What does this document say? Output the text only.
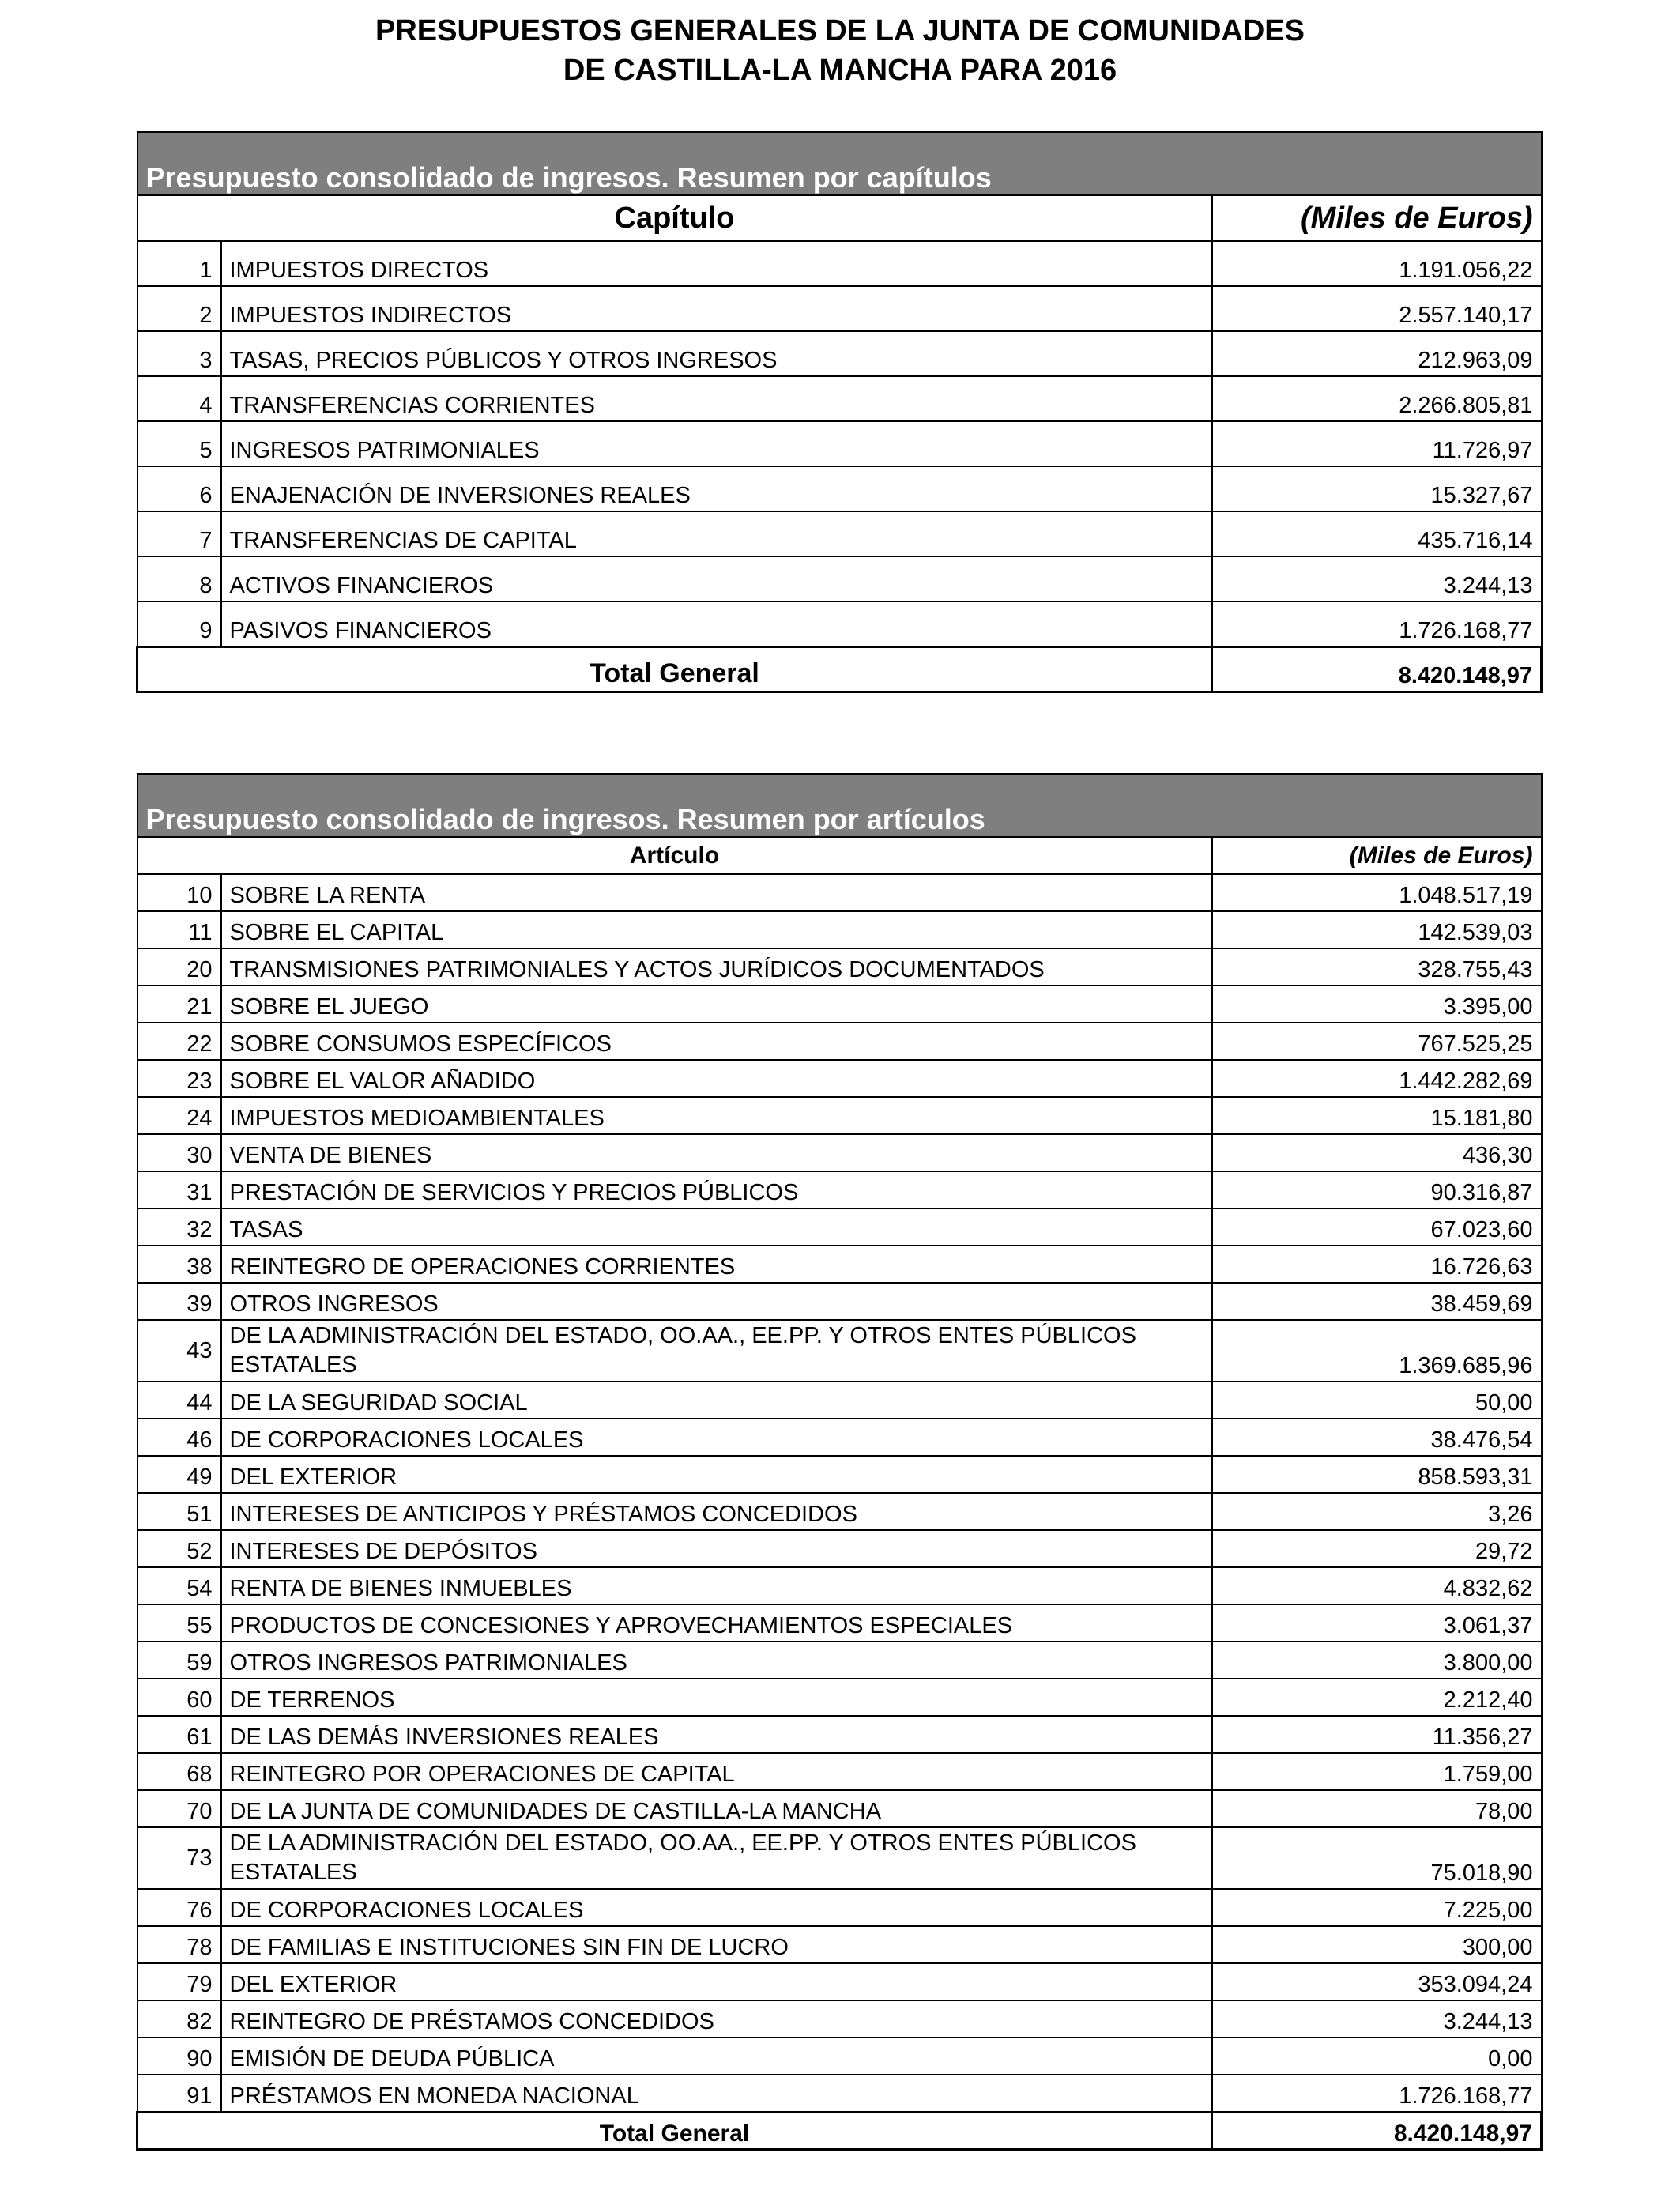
PRESUPUESTOS GENERALES DE LA JUNTA DE COMUNIDADES
DE CASTILLA-LA MANCHA PARA 2016
Presupuesto consolidado de ingresos. Resumen por capítulos		
Capítulo		(Miles de Euros)
1	IMPUESTOS DIRECTOS	1.191.056,22
2	IMPUESTOS INDIRECTOS	2.557.140,17
3	TASAS, PRECIOS PÚBLICOS Y OTROS INGRESOS	212.963,09
4	TRANSFERENCIAS CORRIENTES	2.266.805,81
5	INGRESOS PATRIMONIALES	11.726,97
6	ENAJENACIÓN DE INVERSIONES REALES	15.327,67
7	TRANSFERENCIAS DE CAPITAL	435.716,14
8	ACTIVOS FINANCIEROS	3.244,13
9	PASIVOS FINANCIEROS	1.726.168,77
Total General		8.420.148,97
Presupuesto consolidado de ingresos. Resumen por artículos		
Artículo		(Miles de Euros)
10	SOBRE LA RENTA	1.048.517,19
11	SOBRE EL CAPITAL	142.539,03
20	TRANSMISIONES PATRIMONIALES Y ACTOS JURÍDICOS DOCUMENTADOS	328.755,43
21	SOBRE EL JUEGO	3.395,00
22	SOBRE CONSUMOS ESPECÍFICOS	767.525,25
23	SOBRE EL VALOR AÑADIDO	1.442.282,69
24	IMPUESTOS MEDIOAMBIENTALES	15.181,80
30	VENTA DE BIENES	436,30
31	PRESTACIÓN DE SERVICIOS Y PRECIOS PÚBLICOS	90.316,87
32	TASAS	67.023,60
38	REINTEGRO DE OPERACIONES CORRIENTES	16.726,63
39	OTROS INGRESOS	38.459,69
43	DE LA ADMINISTRACIÓN DEL ESTADO, OO.AA., EE.PP. Y OTROS ENTES PÚBLICOS ESTATALES	1.369.685,96
44	DE LA SEGURIDAD SOCIAL	50,00
46	DE CORPORACIONES LOCALES	38.476,54
49	DEL EXTERIOR	858.593,31
51	INTERESES DE ANTICIPOS Y PRÉSTAMOS CONCEDIDOS	3,26
52	INTERESES DE DEPÓSITOS	29,72
54	RENTA DE BIENES INMUEBLES	4.832,62
55	PRODUCTOS DE CONCESIONES Y APROVECHAMIENTOS ESPECIALES	3.061,37
59	OTROS INGRESOS PATRIMONIALES	3.800,00
60	DE TERRENOS	2.212,40
61	DE LAS DEMÁS INVERSIONES REALES	11.356,27
68	REINTEGRO POR OPERACIONES DE CAPITAL	1.759,00
70	DE LA JUNTA DE COMUNIDADES DE CASTILLA-LA MANCHA	78,00
73	DE LA ADMINISTRACIÓN DEL ESTADO, OO.AA., EE.PP. Y OTROS ENTES PÚBLICOS ESTATALES	75.018,90
76	DE CORPORACIONES LOCALES	7.225,00
78	DE FAMILIAS E INSTITUCIONES SIN FIN DE LUCRO	300,00
79	DEL EXTERIOR	353.094,24
82	REINTEGRO DE PRÉSTAMOS CONCEDIDOS	3.244,13
90	EMISIÓN DE DEUDA PÚBLICA	0,00
91	PRÉSTAMOS EN MONEDA NACIONAL	1.726.168,77
Total General		8.420.148,97
